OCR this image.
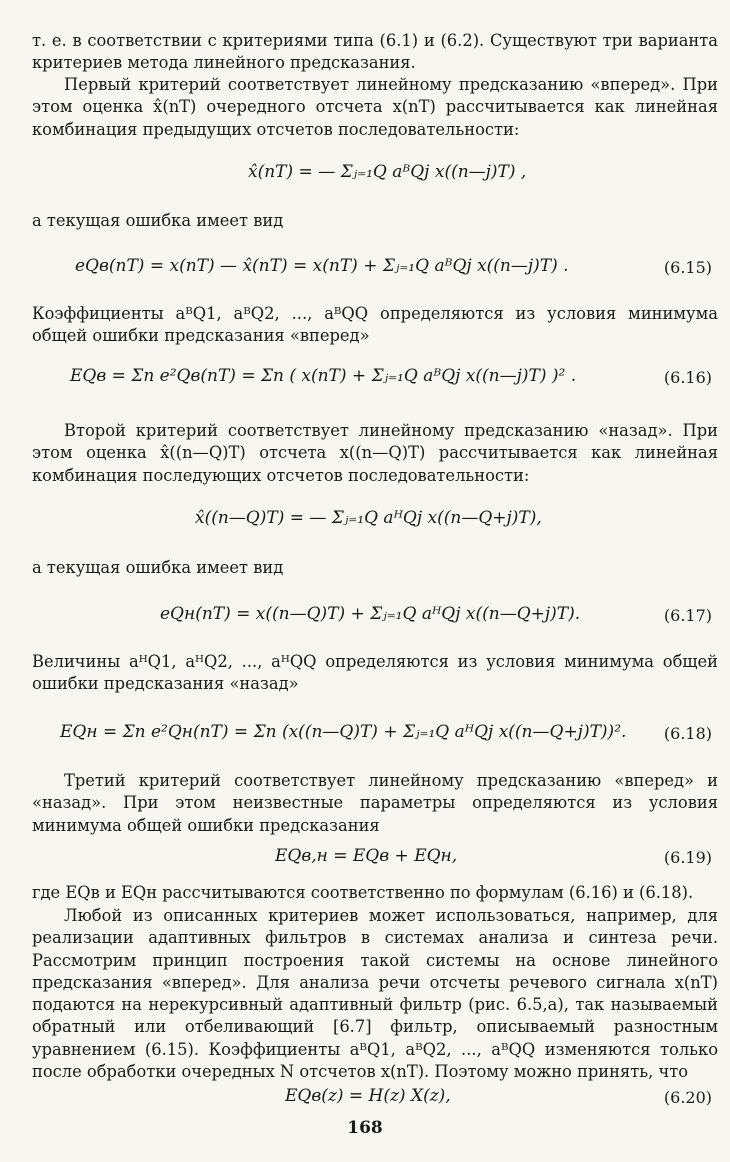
т. е. в соответствии с критериями типа (6.1) и (6.2). Существуют три варианта критериев метода линейного предсказания.

Первый критерий соответствует линейному предсказанию «вперед». При этом оценка x̂(nT) очередного отсчета x(nT) рассчитывается как линейная комбинация предыдущих отсчетов последовательности:

x̂(nT) = — Σⱼ₌₁Q aᴮQj x((n—j)T) ,

а текущая ошибка имеет вид

eQв(nT) = x(nT) — x̂(nT) = x(nT) + Σⱼ₌₁Q aᴮQj x((n—j)T) .	(6.15)

Коэффициенты aᴮQ1, aᴮQ2, ..., aᴮQQ определяются из условия минимума общей ошибки предсказания «вперед»

EQв = Σn e²Qв(nT) = Σn ( x(nT) + Σⱼ₌₁Q aᴮQj x((n—j)T) )² .	(6.16)

Второй критерий соответствует линейному предсказанию «назад». При этом оценка x̂((n—Q)T) отсчета x((n—Q)T) рассчитывается как линейная комбинация последующих отсчетов последовательности:

x̂((n—Q)T) = — Σⱼ₌₁Q aᴴQj x((n—Q+j)T),

а текущая ошибка имеет вид

eQн(nT) = x((n—Q)T) + Σⱼ₌₁Q aᴴQj x((n—Q+j)T).	(6.17)

Величины aᴴQ1, aᴴQ2, ..., aᴴQQ определяются из условия минимума общей ошибки предсказания «назад»

EQн = Σn e²Qн(nT) = Σn (x((n—Q)T) + Σⱼ₌₁Q aᴴQj x((n—Q+j)T))². (6.18)

Третий критерий соответствует линейному предсказанию «вперед» и «назад». При этом неизвестные параметры определяются из условия минимума общей ошибки предсказания

EQв,н = EQв + EQн,	(6.19)

где EQв и EQн рассчитываются соответственно по формулам (6.16) и (6.18).

Любой из описанных критериев может использоваться, например, для реализации адаптивных фильтров в системах анализа и синтеза речи. Рассмотрим принцип построения такой системы на основе линейного предсказания «вперед». Для анализа речи отсчеты речевого сигнала x(nT) подаются на нерекурсивный адаптивный фильтр (рис. 6.5,a), так называемый обратный или отбеливающий [6.7] фильтр, описываемый разностным уравнением (6.15). Коэффициенты aᴮQ1, aᴮQ2, ..., aᴮQQ изменяются только после обработки очередных N отсчетов x(nT). Поэтому можно принять, что

EQв(z) = H(z) X(z),	(6.20)
168
